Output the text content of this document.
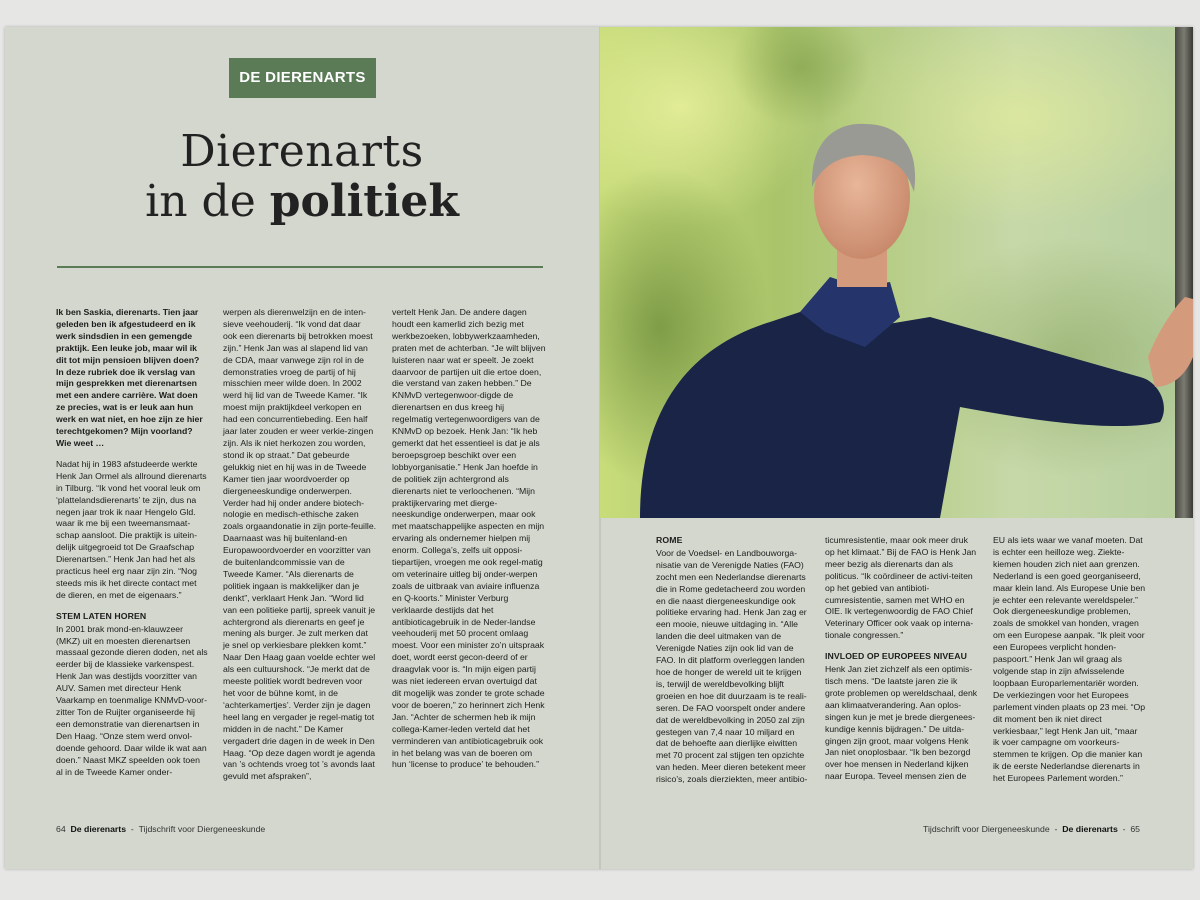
DE DIERENARTS
Dierenarts
in de politiek

Ik ben Saskia, dierenarts. Tien jaar geleden ben ik afgestudeerd en ik werk sindsdien in een gemengde praktijk. Een leuke job, maar wil ik dit tot mijn pensioen blijven doen? In deze rubriek doe ik verslag van mijn gesprekken met dierenartsen met een andere carrière. Wat doen ze precies, wat is er leuk aan hun werk en wat niet, en hoe zijn ze hier terechtgekomen? Mijn voorland? Wie weet …

Nadat hij in 1983 afstudeerde werkte Henk Jan Ormel als allround dierenarts in Tilburg. “Ik vond het vooral leuk om ‘plattelandsdierenarts’ te zijn, dus na negen jaar trok ik naar Hengelo Gld. waar ik me bij een tweemansmaat-schap aansloot. Die praktijk is uitein-delijk uitgegroeid tot De Graafschap Dierenartsen.” Henk Jan had het als practicus heel erg naar zijn zin. “Nog steeds mis ik het directe contact met de dieren, en met de eigenaars.”

STEM LATEN HOREN

In 2001 brak mond-en-klauwzeer (MKZ) uit en moesten dierenartsen massaal gezonde dieren doden, net als eerder bij de klassieke varkenspest. Henk Jan was destijds voorzitter van AUV. Samen met directeur Henk Vaarkamp en toenmalige KNMvD-voor-zitter Ton de Ruijter organiseerde hij een demonstratie van dierenartsen in Den Haag. “Onze stem werd onvol-doende gehoord. Daar wilde ik wat aan doen.” Naast MKZ speelden ook toen al in de Tweede Kamer onder-

werpen als dierenwelzijn en de inten-sieve veehouderij. “Ik vond dat daar ook een dierenarts bij betrokken moest zijn.” Henk Jan was al slapend lid van de CDA, maar vanwege zijn rol in de demonstraties vroeg de partij of hij misschien meer wilde doen. In 2002 werd hij lid van de Tweede Kamer. “Ik moest mijn praktijkdeel verkopen en had een concurrentiebeding. Een half jaar later zouden er weer verkie-zingen zijn. Als ik niet herkozen zou worden, stond ik op straat.” Dat gebeurde gelukkig niet en hij was in de Tweede Kamer tien jaar woordvoerder op diergeneeskundige onderwerpen. Verder had hij onder andere biotech-nologie en medisch-ethische zaken zoals orgaandonatie in zijn porte-feuille. Daarnaast was hij buitenland-en Europawoordvoerder en voorzitter van de buitenlandcommissie van de Tweede Kamer. “Als dierenarts de politiek ingaan is makkelijker dan je denkt”, verklaart Henk Jan. “Word lid van een politieke partij, spreek vanuit je achtergrond als dierenarts en geef je mening als burger. Je zult merken dat je snel op verkiesbare plekken komt.” Naar Den Haag gaan voelde echter wel als een cultuurshock. “Je merkt dat de meeste politiek wordt bedreven voor het voor de bühne komt, in de ‘achterkamertjes’. Verder zijn je dagen heel lang en vergader je regel-matig tot midden in de nacht.” De Kamer vergadert drie dagen in de week in Den Haag. “Op deze dagen wordt je agenda van ’s ochtends vroeg tot ’s avonds laat gevuld met afspraken”,

vertelt Henk Jan. De andere dagen houdt een kamerlid zich bezig met werkbezoeken, lobbywerkzaamheden, praten met de achterban. “Je wilt blijven luisteren naar wat er speelt. Je zoekt daarvoor de partijen uit die ertoe doen, die verstand van zaken hebben.” De KNMvD vertegenwoor-digde de dierenartsen en dus kreeg hij regelmatig vertegenwoordigers van de KNMvD op bezoek. Henk Jan: “Ik heb gemerkt dat het essentieel is dat je als beroepsgroep beschikt over een lobbyorganisatie.” Henk Jan hoefde in de politiek zijn achtergrond als dierenarts niet te verloochenen. “Mijn praktijkervaring met dierge-neeskundige onderwerpen, maar ook met maatschappelijke aspecten en mijn ervaring als ondernemer hielpen mij enorm. Collega’s, zelfs uit opposi-tiepartijen, vroegen me ook regel-matig om veterinaire uitleg bij onder-werpen zoals de uitbraak van aviaire influenza en Q-koorts.” Minister Verburg verklaarde destijds dat het antibioticagebruik in de Neder-landse veehouderij met 50 procent omlaag moest. Voor een minister zo’n uitspraak doet, wordt eerst gecon-deerd of er draagvlak voor is. “In mijn eigen partij was niet iedereen ervan overtuigd dat dit mogelijk was zonder te grote schade voor de boeren,” zo herinnert zich Henk Jan. “Achter de schermen heb ik mijn collega-Kamer-leden verteld dat het verminderen van antibioticagebruik ook in het belang was van de boeren om hun ‘license to produce’ te behouden.”

ROME

Voor de Voedsel- en Landbouworga-nisatie van de Verenigde Naties (FAO) zocht men een Nederlandse dierenarts die in Rome gedetacheerd zou worden en die naast diergeneeskundige ook politieke ervaring had. Henk Jan zag er een mooie, nieuwe uitdaging in. “Alle landen die deel uitmaken van de Verenigde Naties zijn ook lid van de FAO. In dit platform overleggen landen hoe de honger de wereld uit te krijgen is, terwijl de wereldbevolking blijft groeien en hoe dit duurzaam is te reali-seren. De FAO voorspelt onder andere dat de wereldbevolking in 2050 zal zijn gestegen van 7,4 naar 10 miljard en dat de behoefte aan dierlijke eiwitten met 70 procent zal stijgen ten opzichte van heden. Meer dieren betekent meer risico’s, zoals dierziekten, meer antibio-

ticumresistentie, maar ook meer druk op het klimaat.” Bij de FAO is Henk Jan meer bezig als dierenarts dan als politicus. “Ik coördineer de activi-teiten op het gebied van antibioti-cumresistentie, samen met WHO en OIE. Ik vertegenwoordig de FAO Chief Veterinary Officer ook vaak op interna-tionale congressen.”

INVLOED OP EUROPEES NIVEAU

Henk Jan ziet zichzelf als een optimis-tisch mens. “De laatste jaren zie ik grote problemen op wereldschaal, denk aan klimaatverandering. Aan oplos-singen kun je met je brede diergenees-kundige kennis bijdragen.” De uitda-gingen zijn groot, maar volgens Henk Jan niet onoplosbaar. “Ik ben bezorgd over hoe mensen in Nederland kijken naar Europa. Teveel mensen zien de

EU als iets waar we vanaf moeten. Dat is echter een heilloze weg. Ziekte-kiemen houden zich niet aan grenzen. Nederland is een goed georganiseerd, maar klein land. Als Europese Unie ben je echter een relevante wereldspeler.” Ook diergeneeskundige problemen, zoals de smokkel van honden, vragen om een Europese aanpak. “Ik pleit voor een Europees verplicht honden-paspoort.” Henk Jan wil graag als volgende stap in zijn afwisselende loopbaan Europarlementariër worden. De verkiezingen voor het Europees parlement vinden plaats op 23 mei. “Op dit moment ben ik niet direct verkiesbaar,” legt Henk Jan uit, “maar ik voer campagne om voorkeurs-stemmen te krijgen. Op die manier kan ik de eerste Nederlandse dierenarts in het Europees Parlement worden.”

64 De dierenarts - Tijdschrift voor Diergeneeskunde	Tijdschrift voor Diergeneeskunde - De dierenarts - 65
